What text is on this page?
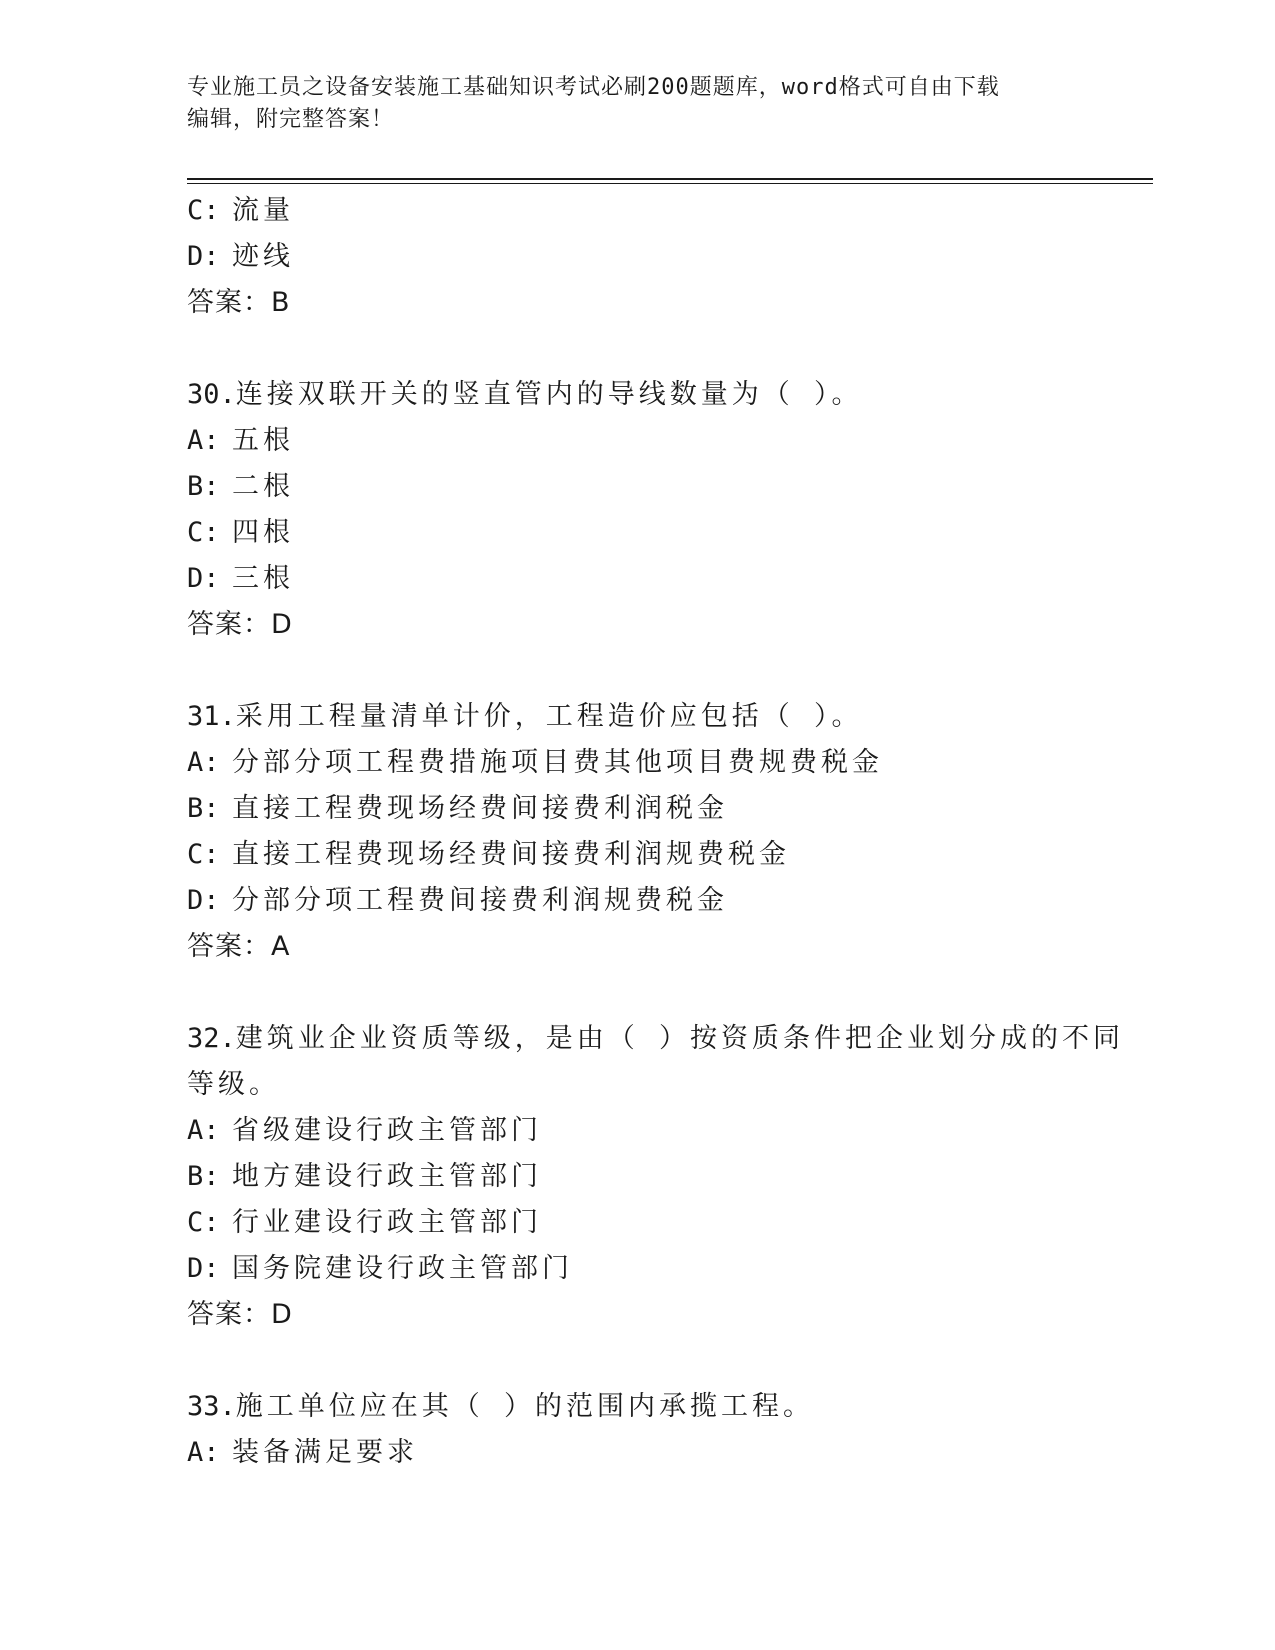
专业施工员之设备安装施工基础知识考试必刷200题题库，word格式可自由下载
编辑，附完整答案！
C: 流量
D: 迹线
答案：B
30.连接双联开关的竖直管内的导线数量为（ ）。
A: 五根
B: 二根
C: 四根
D: 三根
答案：D
31.采用工程量清单计价，工程造价应包括（ ）。
A: 分部分项工程费措施项目费其他项目费规费税金
B: 直接工程费现场经费间接费利润税金
C: 直接工程费现场经费间接费利润规费税金
D: 分部分项工程费间接费利润规费税金
答案：A
32.建筑业企业资质等级，是由（ ）按资质条件把企业划分成的不同
等级。
A: 省级建设行政主管部门
B: 地方建设行政主管部门
C: 行业建设行政主管部门
D: 国务院建设行政主管部门
答案：D
33.施工单位应在其（ ）的范围内承揽工程。
A: 装备满足要求
